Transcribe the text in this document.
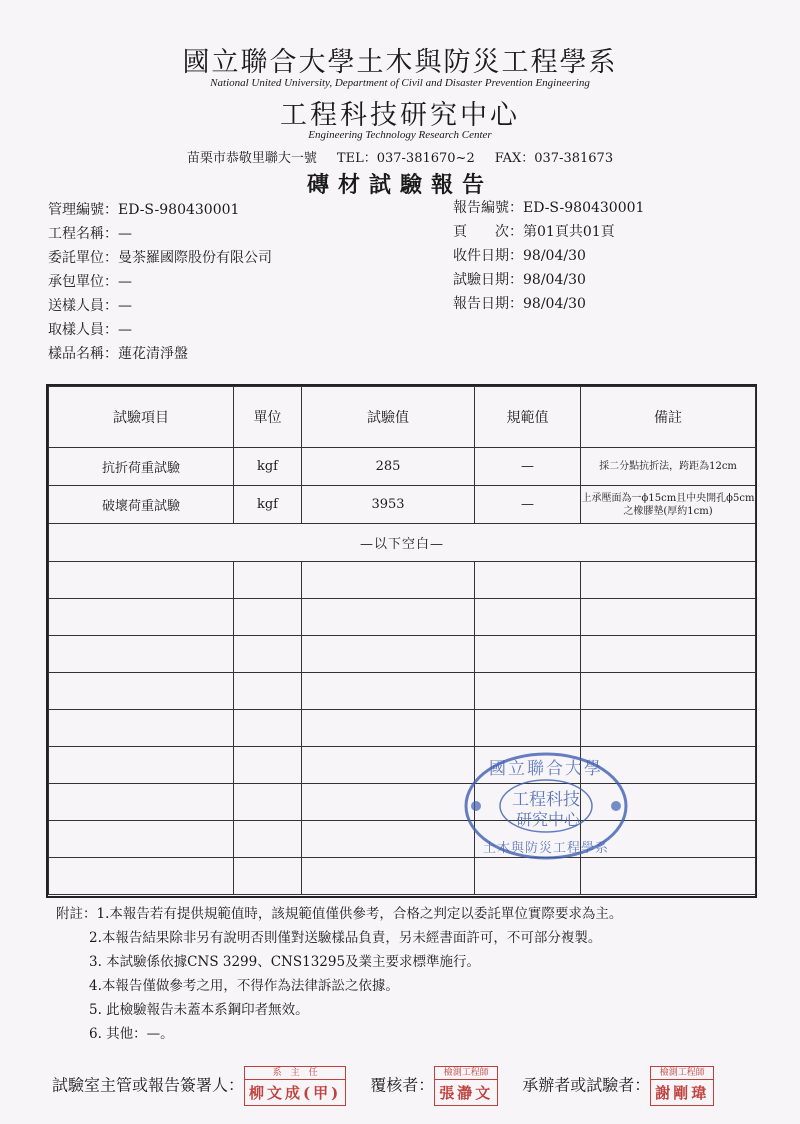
國立聯合大學土木與防災工程學系
National United University, Department of Civil and Disaster Prevention Engineering
工程科技研究中心
Engineering Technology Research Center
苗栗市恭敬里聯大一號 TEL：037-381670~2 FAX：037-381673
磚材試驗報告
管理編號：ED-S-980430001
工程名稱：—
委託單位：曼茶羅國際股份有限公司
承包單位：—
送樣人員：—
取樣人員：—
樣品名稱：蓮花清淨盤
報告編號：ED-S-980430001
頁　　次：第01頁共01頁
收件日期：98/04/30
試驗日期：98/04/30
報告日期：98/04/30
試驗項目	單位	試驗值	規範值	備註
抗折荷重試驗	kgf	285	—	採二分點抗折法，跨距為12cm
破壞荷重試驗	kgf	3953	—	上承壓面為一ϕ15cm且中央開孔ϕ5cm之橡膠墊(厚約1cm)
—以下空白—				

國立聯合大學
土木與防災工程學系
工程科技
研究中心
附註：1.本報告若有提供規範值時，該規範值僅供參考，合格之判定以委託單位實際要求為主。
2.本報告結果除非另有說明否則僅對送驗樣品負責，另未經書面許可，不可部分複製。
3. 本試驗係依據CNS 3299、CNS13295及業主要求標準施行。
4.本報告僅做參考之用，不得作為法律訴訟之依據。
5. 此檢驗報告未蓋本系鋼印者無效。
6. 其他：—。
試驗室主管或報告簽署人：
系　主　任
柳文成(甲) 覆核者：
檢測工程師
張瀞文 承辦者或試驗者：
檢測工程師
謝剛瑋
